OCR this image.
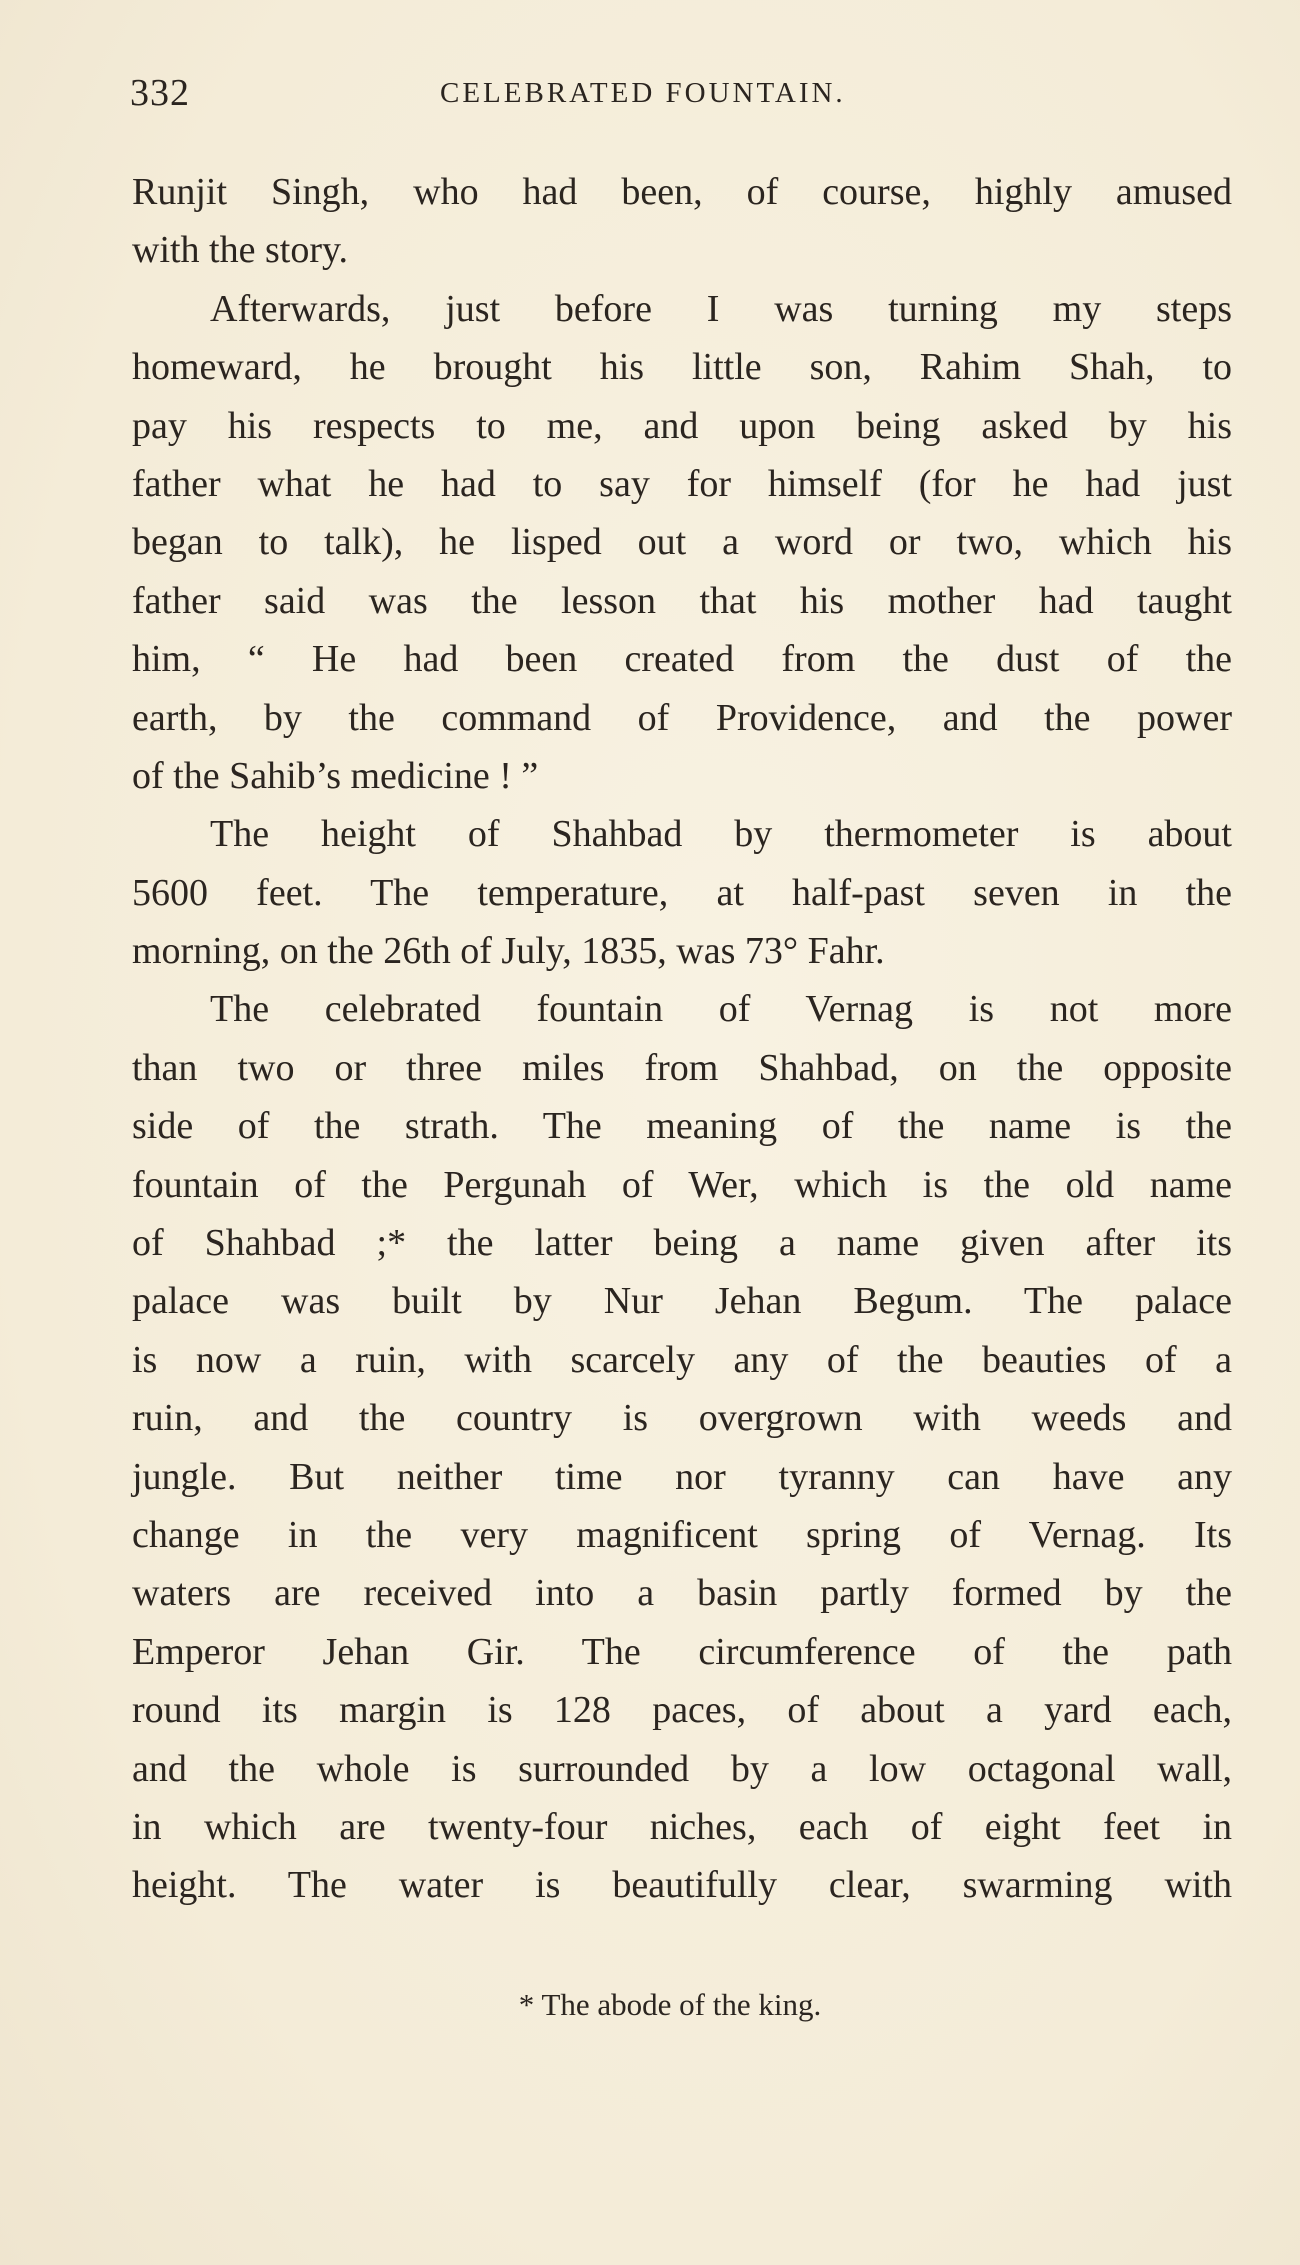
332	CELEBRATED FOUNTAIN.
Runjit Singh, who had been, of course, highly amused
with the story.
Afterwards, just before I was turning my steps
homeward, he brought his little son, Rahim Shah, to
pay his respects to me, and upon being asked by his
father what he had to say for himself (for he had just
began to talk), he lisped out a word or two, which his
father said was the lesson that his mother had taught
him, “ He had been created from the dust of the
earth, by the command of Providence, and the power
of the Sahib’s medicine ! ”
The height of Shahbad by thermometer is about
5600 feet. The temperature, at half-past seven in the
morning, on the 26th of July, 1835, was 73° Fahr.
The celebrated fountain of Vernag is not more
than two or three miles from Shahbad, on the opposite
side of the strath. The meaning of the name is the
fountain of the Pergunah of Wer, which is the old name
of Shahbad ;* the latter being a name given after its
palace was built by Nur Jehan Begum. The palace
is now a ruin, with scarcely any of the beauties of a
ruin, and the country is overgrown with weeds and
jungle. But neither time nor tyranny can have any
change in the very magnificent spring of Vernag. Its
waters are received into a basin partly formed by the
Emperor Jehan Gir. The circumference of the path
round its margin is 128 paces, of about a yard each,
and the whole is surrounded by a low octagonal wall,
in which are twenty-four niches, each of eight feet in
height. The water is beautifully clear, swarming with
* The abode of the king.
